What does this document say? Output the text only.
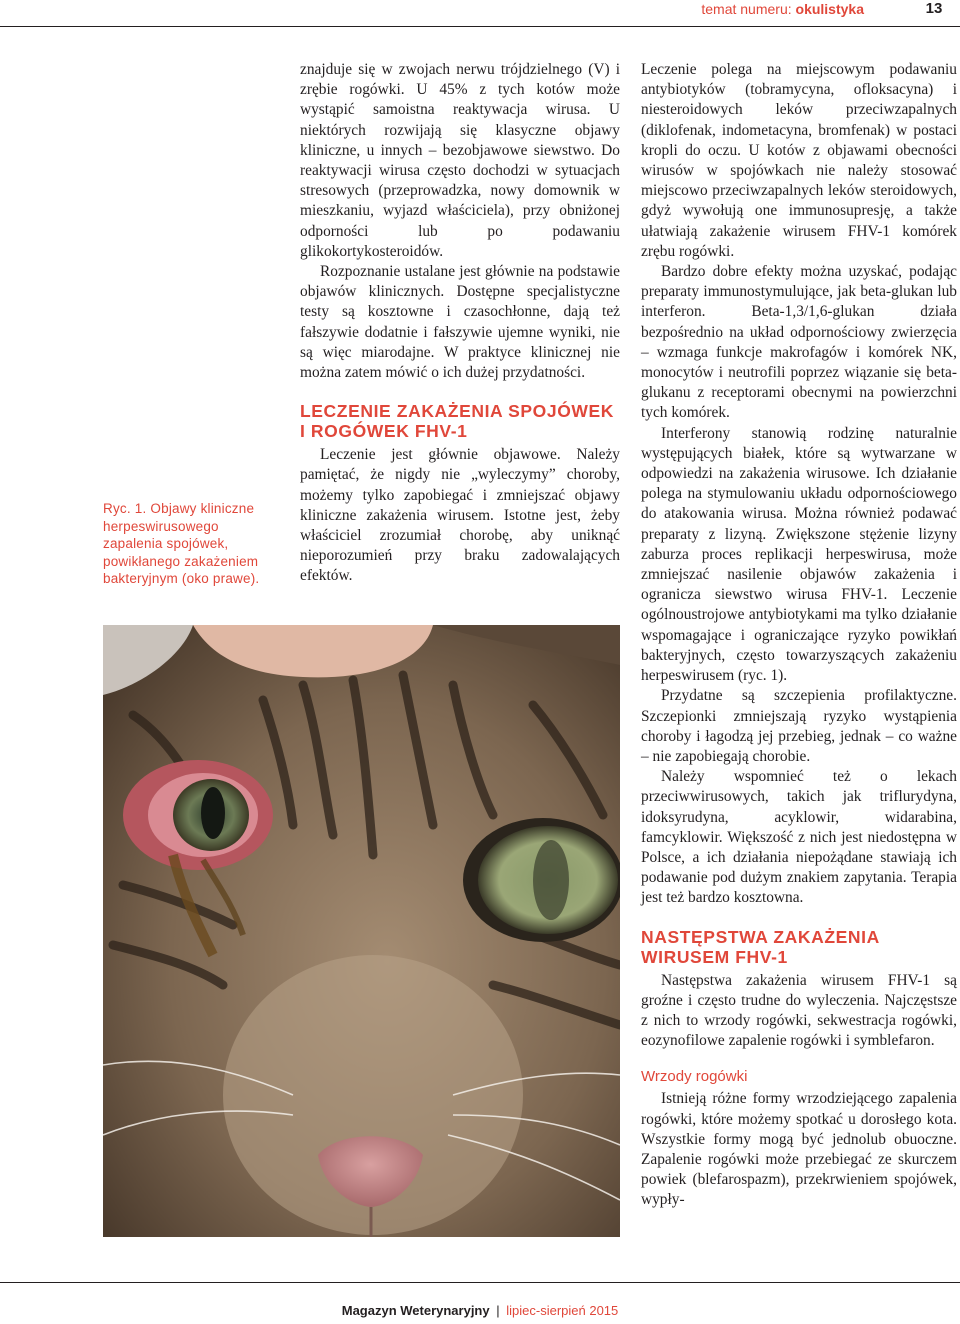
temat numeru: okulistyka	13
Ryc. 1. Objawy kliniczne herpeswirusowego zapalenia spojówek, powikłanego zakażeniem bakteryjnym (oko prawe).

znajduje się w zwojach nerwu trójdzielnego (V) i zrębie rogówki. U 45% z tych kotów może wystąpić samoistna reaktywacja wirusa. U niektórych rozwijają się klasyczne objawy kliniczne, u innych – bezobjawowe siewstwo. Do reaktywacji wirusa często dochodzi w sytuacjach stresowych (przeprowadzka, nowy domownik w mieszkaniu, wyjazd właściciela), przy obniżonej odporności lub po podawaniu glikokortykosteroidów.

Rozpoznanie ustalane jest głównie na podstawie objawów klinicznych. Dostępne specjalistyczne testy są kosztowne i czasochłonne, dają też fałszywie dodatnie i fałszywie ujemne wyniki, nie są więc miarodajne. W praktyce klinicznej nie można zatem mówić o ich dużej przydatności.

LECZENIE ZAKAŻENIA SPOJÓWEK I ROGÓWEK FHV-1

Leczenie jest głównie objawowe. Należy pamiętać, że nigdy nie „wyleczymy” choroby, możemy tylko zapobiegać i zmniejszać objawy kliniczne zakażenia wirusem. Istotne jest, żeby właściciel zrozumiał chorobę, aby uniknąć nieporozumień przy braku zadowalających efektów.

Leczenie polega na miejscowym podawaniu antybiotyków (tobramycyna, ofloksacyna) i niesteroidowych leków przeciwzapalnych (diklofenak, indometacyna, bromfenak) w postaci kropli do oczu. U kotów z objawami obecności wirusów w spojówkach nie należy stosować miejscowo przeciwzapalnych leków steroidowych, gdyż wywołują one immunosupresję, a także ułatwiają zakażenie wirusem FHV-1 komórek zrębu rogówki.

Bardzo dobre efekty można uzyskać, podając preparaty immunostymulujące, jak beta-glukan lub interferon. Beta-1,3/1,6-glukan działa bezpośrednio na układ odpornościowy zwierzęcia – wzmaga funkcje makrofagów i komórek NK, monocytów i neutrofili poprzez wiązanie się beta-glukanu z receptorami obecnymi na powierzchni tych komórek.

Interferony stanowią rodzinę naturalnie występujących białek, które są wytwarzane w odpowiedzi na zakażenia wirusowe. Ich działanie polega na stymulowaniu układu odpornościowego do atakowania wirusa. Można również podawać preparaty z lizyną. Zwiększone stężenie lizyny zaburza proces replikacji herpeswirusa, może zmniejszać nasilenie objawów zakażenia i ogranicza siewstwo wirusa FHV-1. Leczenie ogólnoustrojowe antybiotykami ma tylko działanie wspomagające i ograniczające ryzyko powikłań bakteryjnych, często towarzyszących zakażeniu herpeswirusem (ryc. 1).

Przydatne są szczepienia profilaktyczne. Szczepionki zmniejszają ryzyko wystąpienia choroby i łagodzą jej przebieg, jednak – co ważne – nie zapobiegają chorobie.

Należy wspomnieć też o lekach przeciwwirusowych, takich jak triflurydyna, idoksyrudyna, acyklowir, widarabina, famcyklowir. Większość z nich jest niedostępna w Polsce, a ich działania niepożądane stawiają ich podawanie pod dużym znakiem zapytania. Terapia jest też bardzo kosztowna.

NASTĘPSTWA ZAKAŻENIA WIRUSEM FHV-1

Następstwa zakażenia wirusem FHV-1 są groźne i często trudne do wyleczenia. Najczęstsze z nich to wrzody rogówki, sekwestracja rogówki, eozynofilowe zapalenie rogówki i symblefaron.

Wrzody rogówki

Istnieją różne formy wrzodziejącego zapalenia rogówki, które możemy spotkać u dorosłego kota. Wszystkie formy mogą być jednolub obuoczne. Zapalenie rogówki może przebiegać ze skurczem powiek (blefarospazm), przekrwieniem spojówek, wypły-

Magazyn Weterynaryjny | lipiec-sierpień 2015
